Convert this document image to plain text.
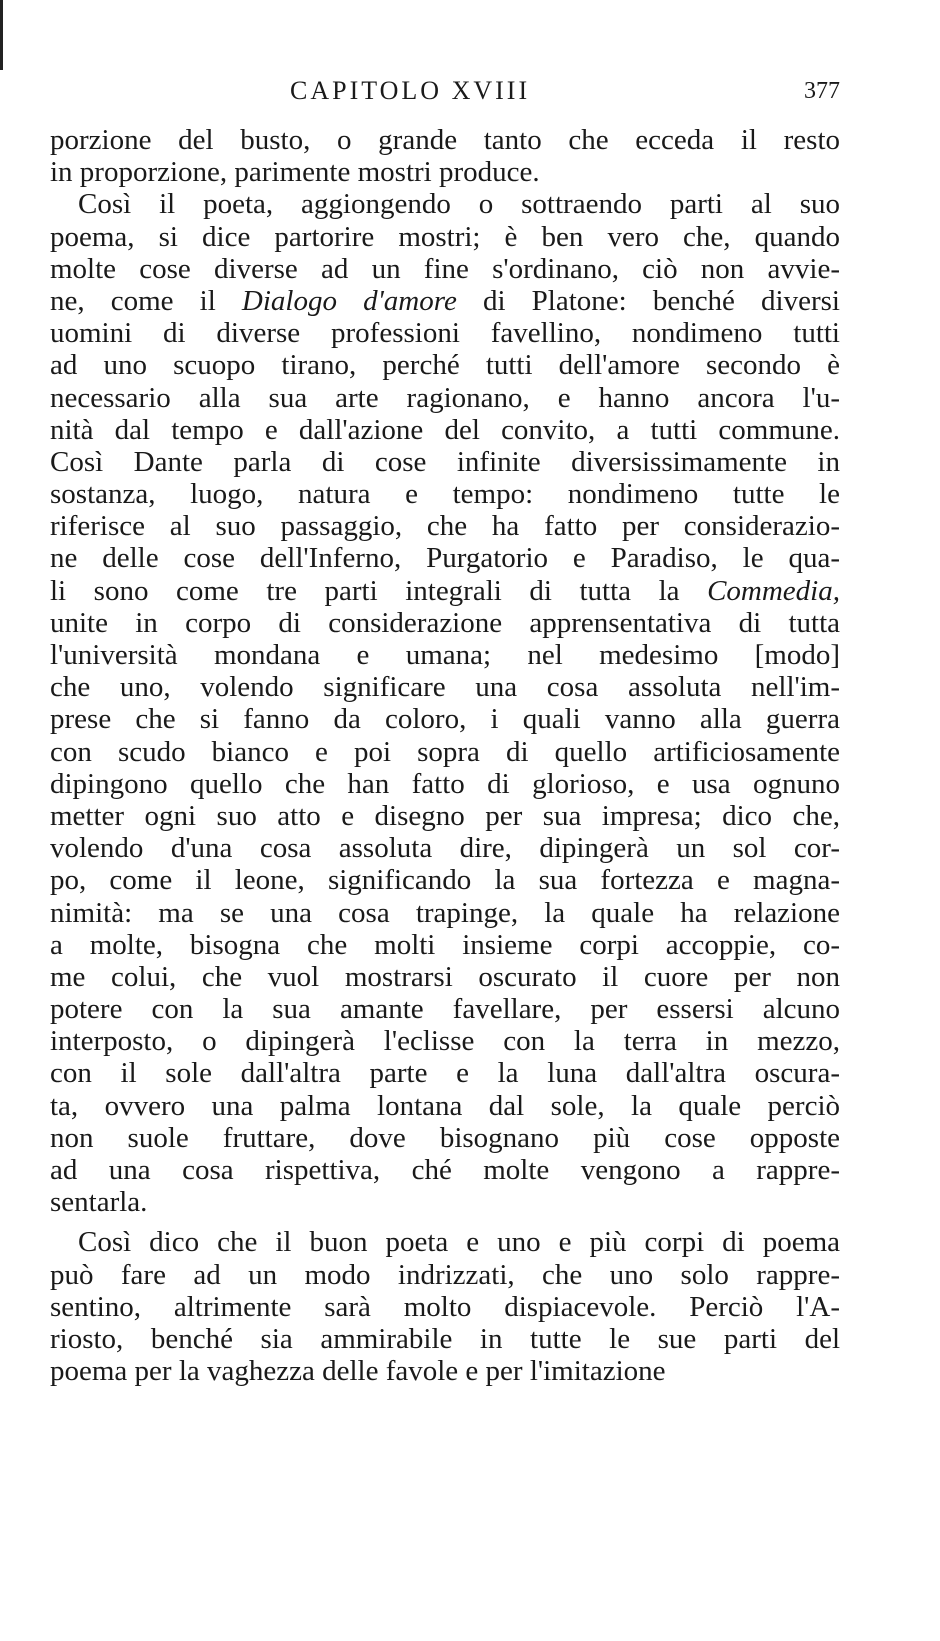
CAPITOLO XVIII	377
porzione del busto, o grande tanto che ecceda il resto
in proporzione, parimente mostri produce.
Così il poeta, aggiongendo o sottraendo parti al suo
poema, si dice partorire mostri; è ben vero che, quando
molte cose diverse ad un fine s'ordinano, ciò non avvie-
ne, come il Dialogo d'amore di Platone: benché diversi
uomini di diverse professioni favellino, nondimeno tutti
ad uno scuopo tirano, perché tutti dell'amore secondo è
necessario alla sua arte ragionano, e hanno ancora l'u-
nità dal tempo e dall'azione del convito, a tutti commune.
Così Dante parla di cose infinite diversissimamente in
sostanza, luogo, natura e tempo: nondimeno tutte le
riferisce al suo passaggio, che ha fatto per considerazio-
ne delle cose dell'Inferno, Purgatorio e Paradiso, le qua-
li sono come tre parti integrali di tutta la Commedia,
unite in corpo di considerazione apprensentativa di tutta
l'università mondana e umana; nel medesimo [modo]
che uno, volendo significare una cosa assoluta nell'im-
prese che si fanno da coloro, i quali vanno alla guerra
con scudo bianco e poi sopra di quello artificiosamente
dipingono quello che han fatto di glorioso, e usa ognuno
metter ogni suo atto e disegno per sua impresa; dico che,
volendo d'una cosa assoluta dire, dipingerà un sol cor-
po, come il leone, significando la sua fortezza e magna-
nimità: ma se una cosa trapinge, la quale ha relazione
a molte, bisogna che molti insieme corpi accoppie, co-
me colui, che vuol mostrarsi oscurato il cuore per non
potere con la sua amante favellare, per essersi alcuno
interposto, o dipingerà l'eclisse con la terra in mezzo,
con il sole dall'altra parte e la luna dall'altra oscura-
ta, ovvero una palma lontana dal sole, la quale perciò
non suole fruttare, dove bisognano più cose opposte
ad una cosa rispettiva, ché molte vengono a rappre-
sentarla.
Così dico che il buon poeta e uno e più corpi di poema
può fare ad un modo indrizzati, che uno solo rappre-
sentino, altrimente sarà molto dispiacevole. Perciò l'A-
riosto, benché sia ammirabile in tutte le sue parti del
poema per la vaghezza delle favole e per l'imitazione
